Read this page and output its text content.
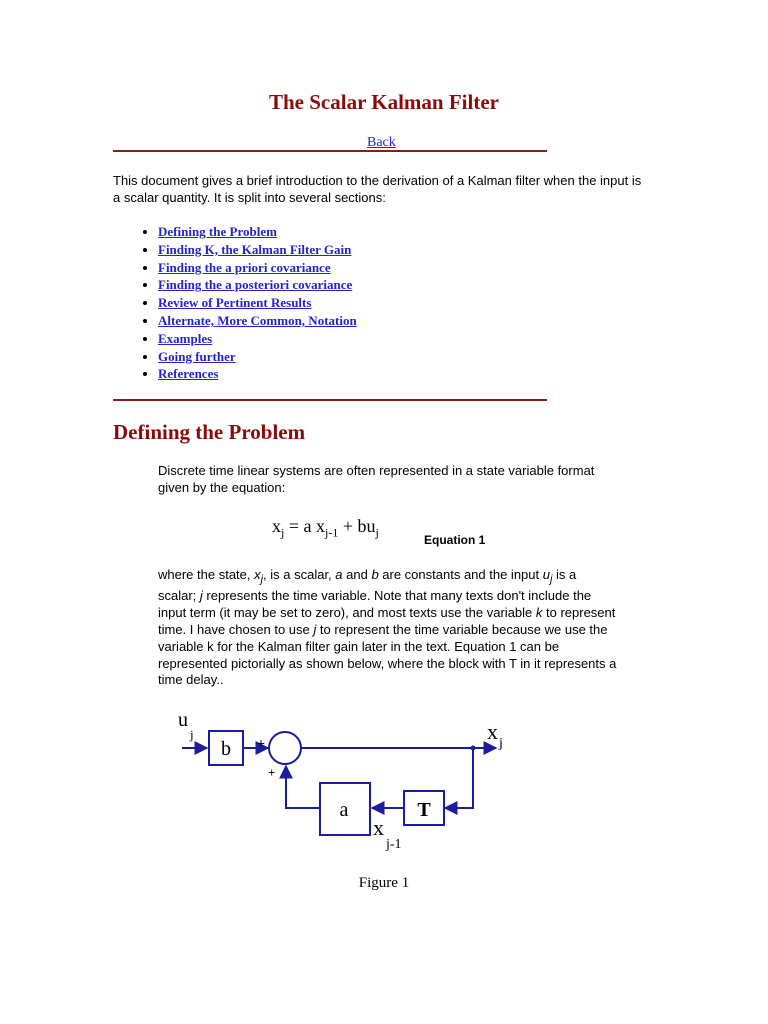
The Scalar Kalman Filter
Back

This document gives a brief introduction to the derivation of a Kalman filter when the input is a scalar quantity. It is split into several sections:

• Defining the Problem
• Finding K, the Kalman Filter Gain
• Finding the a priori covariance
• Finding the a posteriori covariance
• Review of Pertinent Results
• Alternate, More Common, Notation
• Examples
• Going further
• References
Defining the Problem

Discrete time linear systems are often represented in a state variable format given by the equation:

$x_j = a$ $x_{j-1} + bu_j$
Equation 1

where the state, $x_j$, is a scalar, a and b are constants and the input $u_j$ is a scalar; j represents the time variable. Note that many texts don't include the input term (it may be set to zero), and most texts use the variable k to represent time. I have chosen to use j to represent the time variable because we use the variable k for the Kalman filter gain later in the text. Equation 1 can be represented pictorially as shown below, where the block with T in it represents a time delay..

b
T
a
u
j
+
+
x j
x
j-1
Figure 1
